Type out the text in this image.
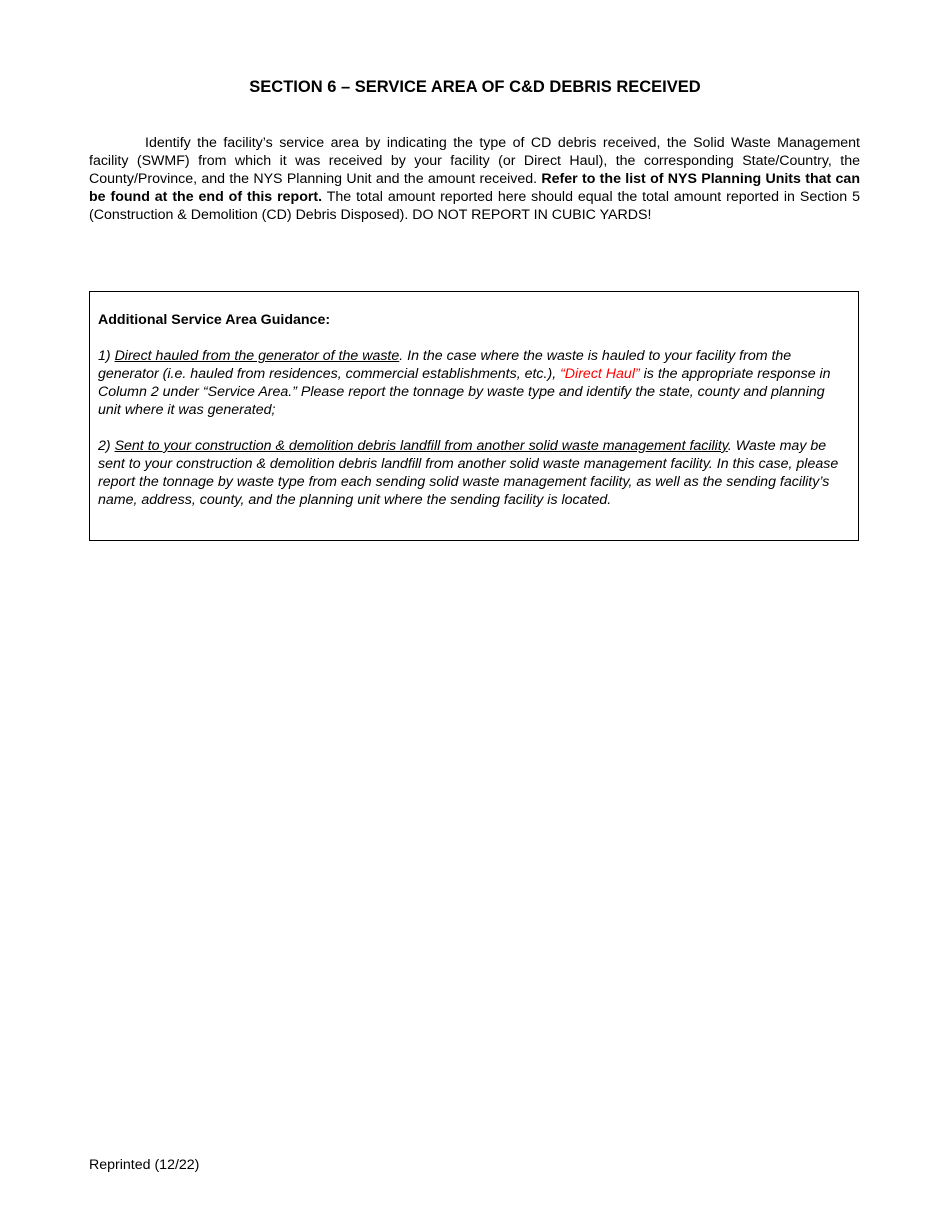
SECTION 6 – SERVICE AREA OF C&D DEBRIS RECEIVED

Identify the facility’s service area by indicating the type of CD debris received, the Solid Waste Management facility (SWMF) from which it was received by your facility (or Direct Haul), the corresponding State/Country, the County/Province, and the NYS Planning Unit and the amount received. Refer to the list of NYS Planning Units that can be found at the end of this report. The total amount reported here should equal the total amount reported in Section 5 (Construction & Demolition (CD) Debris Disposed). DO NOT REPORT IN CUBIC YARDS!

Additional Service Area Guidance:

1) Direct hauled from the generator of the waste. In the case where the waste is hauled to your facility from the generator (i.e. hauled from residences, commercial establishments, etc.), “Direct Haul” is the appropriate response in Column 2 under “Service Area.” Please report the tonnage by waste type and identify the state, county and planning unit where it was generated;

2) Sent to your construction & demolition debris landfill from another solid waste management facility. Waste may be sent to your construction & demolition debris landfill from another solid waste management facility. In this case, please report the tonnage by waste type from each sending solid waste management facility, as well as the sending facility’s name, address, county, and the planning unit where the sending facility is located.

Reprinted (12/22)
